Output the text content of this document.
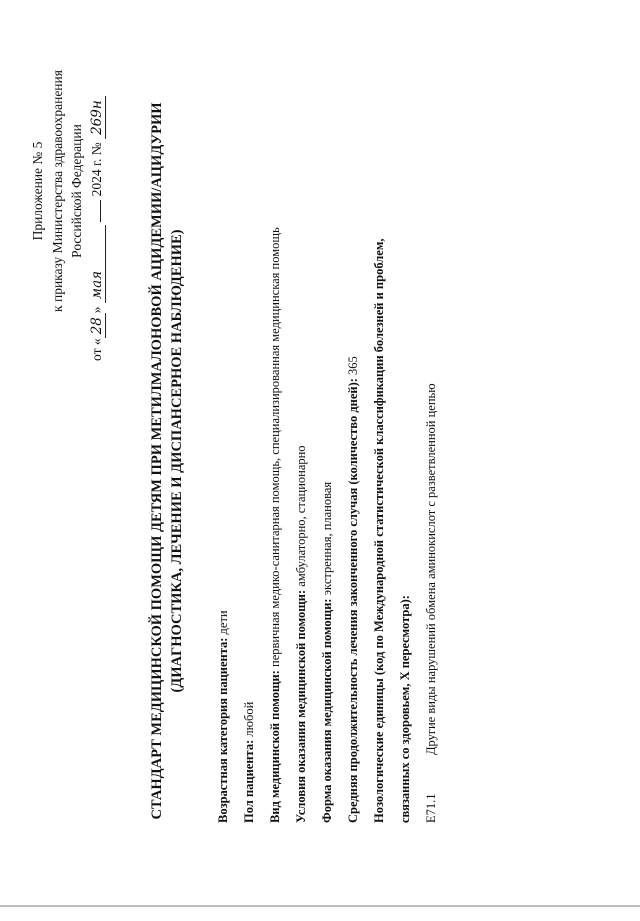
Приложение № 5 к приказу Министерства здравоохранения Российской Федерации
от «28» мая  2024 г. № 269н	СТАНДАРТ МЕДИЦИНСКОЙ ПОМОЩИ ДЕТЯМ ПРИ МЕТИЛМАЛОНОВОЙ АЦИДЕМИИ/АЦИДУРИИ (ДИАГНОСТИКА, ЛЕЧЕНИЕ И ДИСПАНСЕРНОЕ НАБЛЮДЕНИЕ)
Возрастная категория пациента: дети
Пол пациента: любой Вид медицинской помощи: первичная медико-санитарная помощь, специализированная медицинская помощь
Условия оказания медицинской помощи: амбулаторно, стационарно
Форма оказания медицинской помощи: экстренная, плановая Средняя продолжительность лечения законченного случая (количество дней): 365 Нозологические единицы (код по Международной статистической классификации болезней и проблем, связанных со здоровьем, X пересмотра): E71.1
Другие виды нарушений обмена аминокислот с разветвленной цепью
